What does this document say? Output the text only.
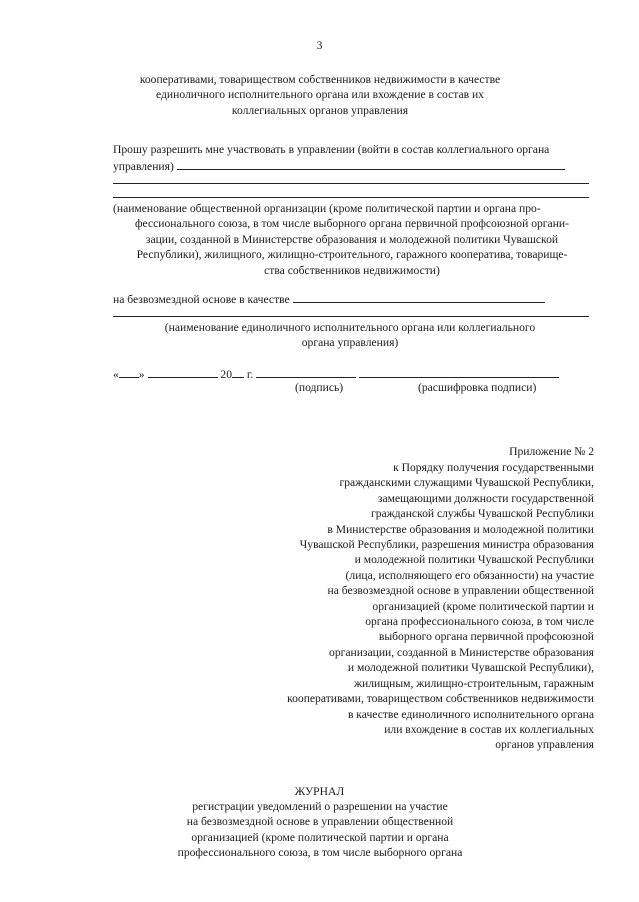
3
кооперативами, товариществом собственников недвижимости в качестве
единоличного исполнительного органа или вхождение в состав их
коллегиальных органов управления
Прошу разрешить мне участвовать в управлении (войти в состав коллегиального органа
управления)
(наименование общественной организации (кроме политической партии и органа про-
фессионального союза, в том числе выборного органа первичной профсоюзной органи-
зации, созданной в Министерстве образования и молодежной политики Чувашской
Республики), жилищного, жилищно-строительного, гаражного кооператива, товарище-
ства собственников недвижимости)
на безвозмездной основе в качестве
(наименование единоличного исполнительного органа или коллегиального
органа управления)
« »	20 г.
(подпись)	(расшифровка подписи)
Приложение № 2
к Порядку получения государственными
гражданскими служащими Чувашской Республики,
замещающими должности государственной
гражданской службы Чувашской Республики
в Министерстве образования и молодежной политики
Чувашской Республики, разрешения министра образования
и молодежной политики Чувашской Республики
(лица, исполняющего его обязанности) на участие
на безвозмездной основе в управлении общественной
организацией (кроме политической партии и
органа профессионального союза, в том числе
выборного органа первичной профсоюзной
организации, созданной в Министерстве образования
и молодежной политики Чувашской Республики),
жилищным, жилищно-строительным, гаражным
кооперативами, товариществом собственников недвижимости
в качестве единоличного исполнительного органа
или вхождение в состав их коллегиальных
органов управления
ЖУРНАЛ
регистрации уведомлений о разрешении на участие
на безвозмездной основе в управлении общественной
организацией (кроме политической партии и органа
профессионального союза, в том числе выборного органа
